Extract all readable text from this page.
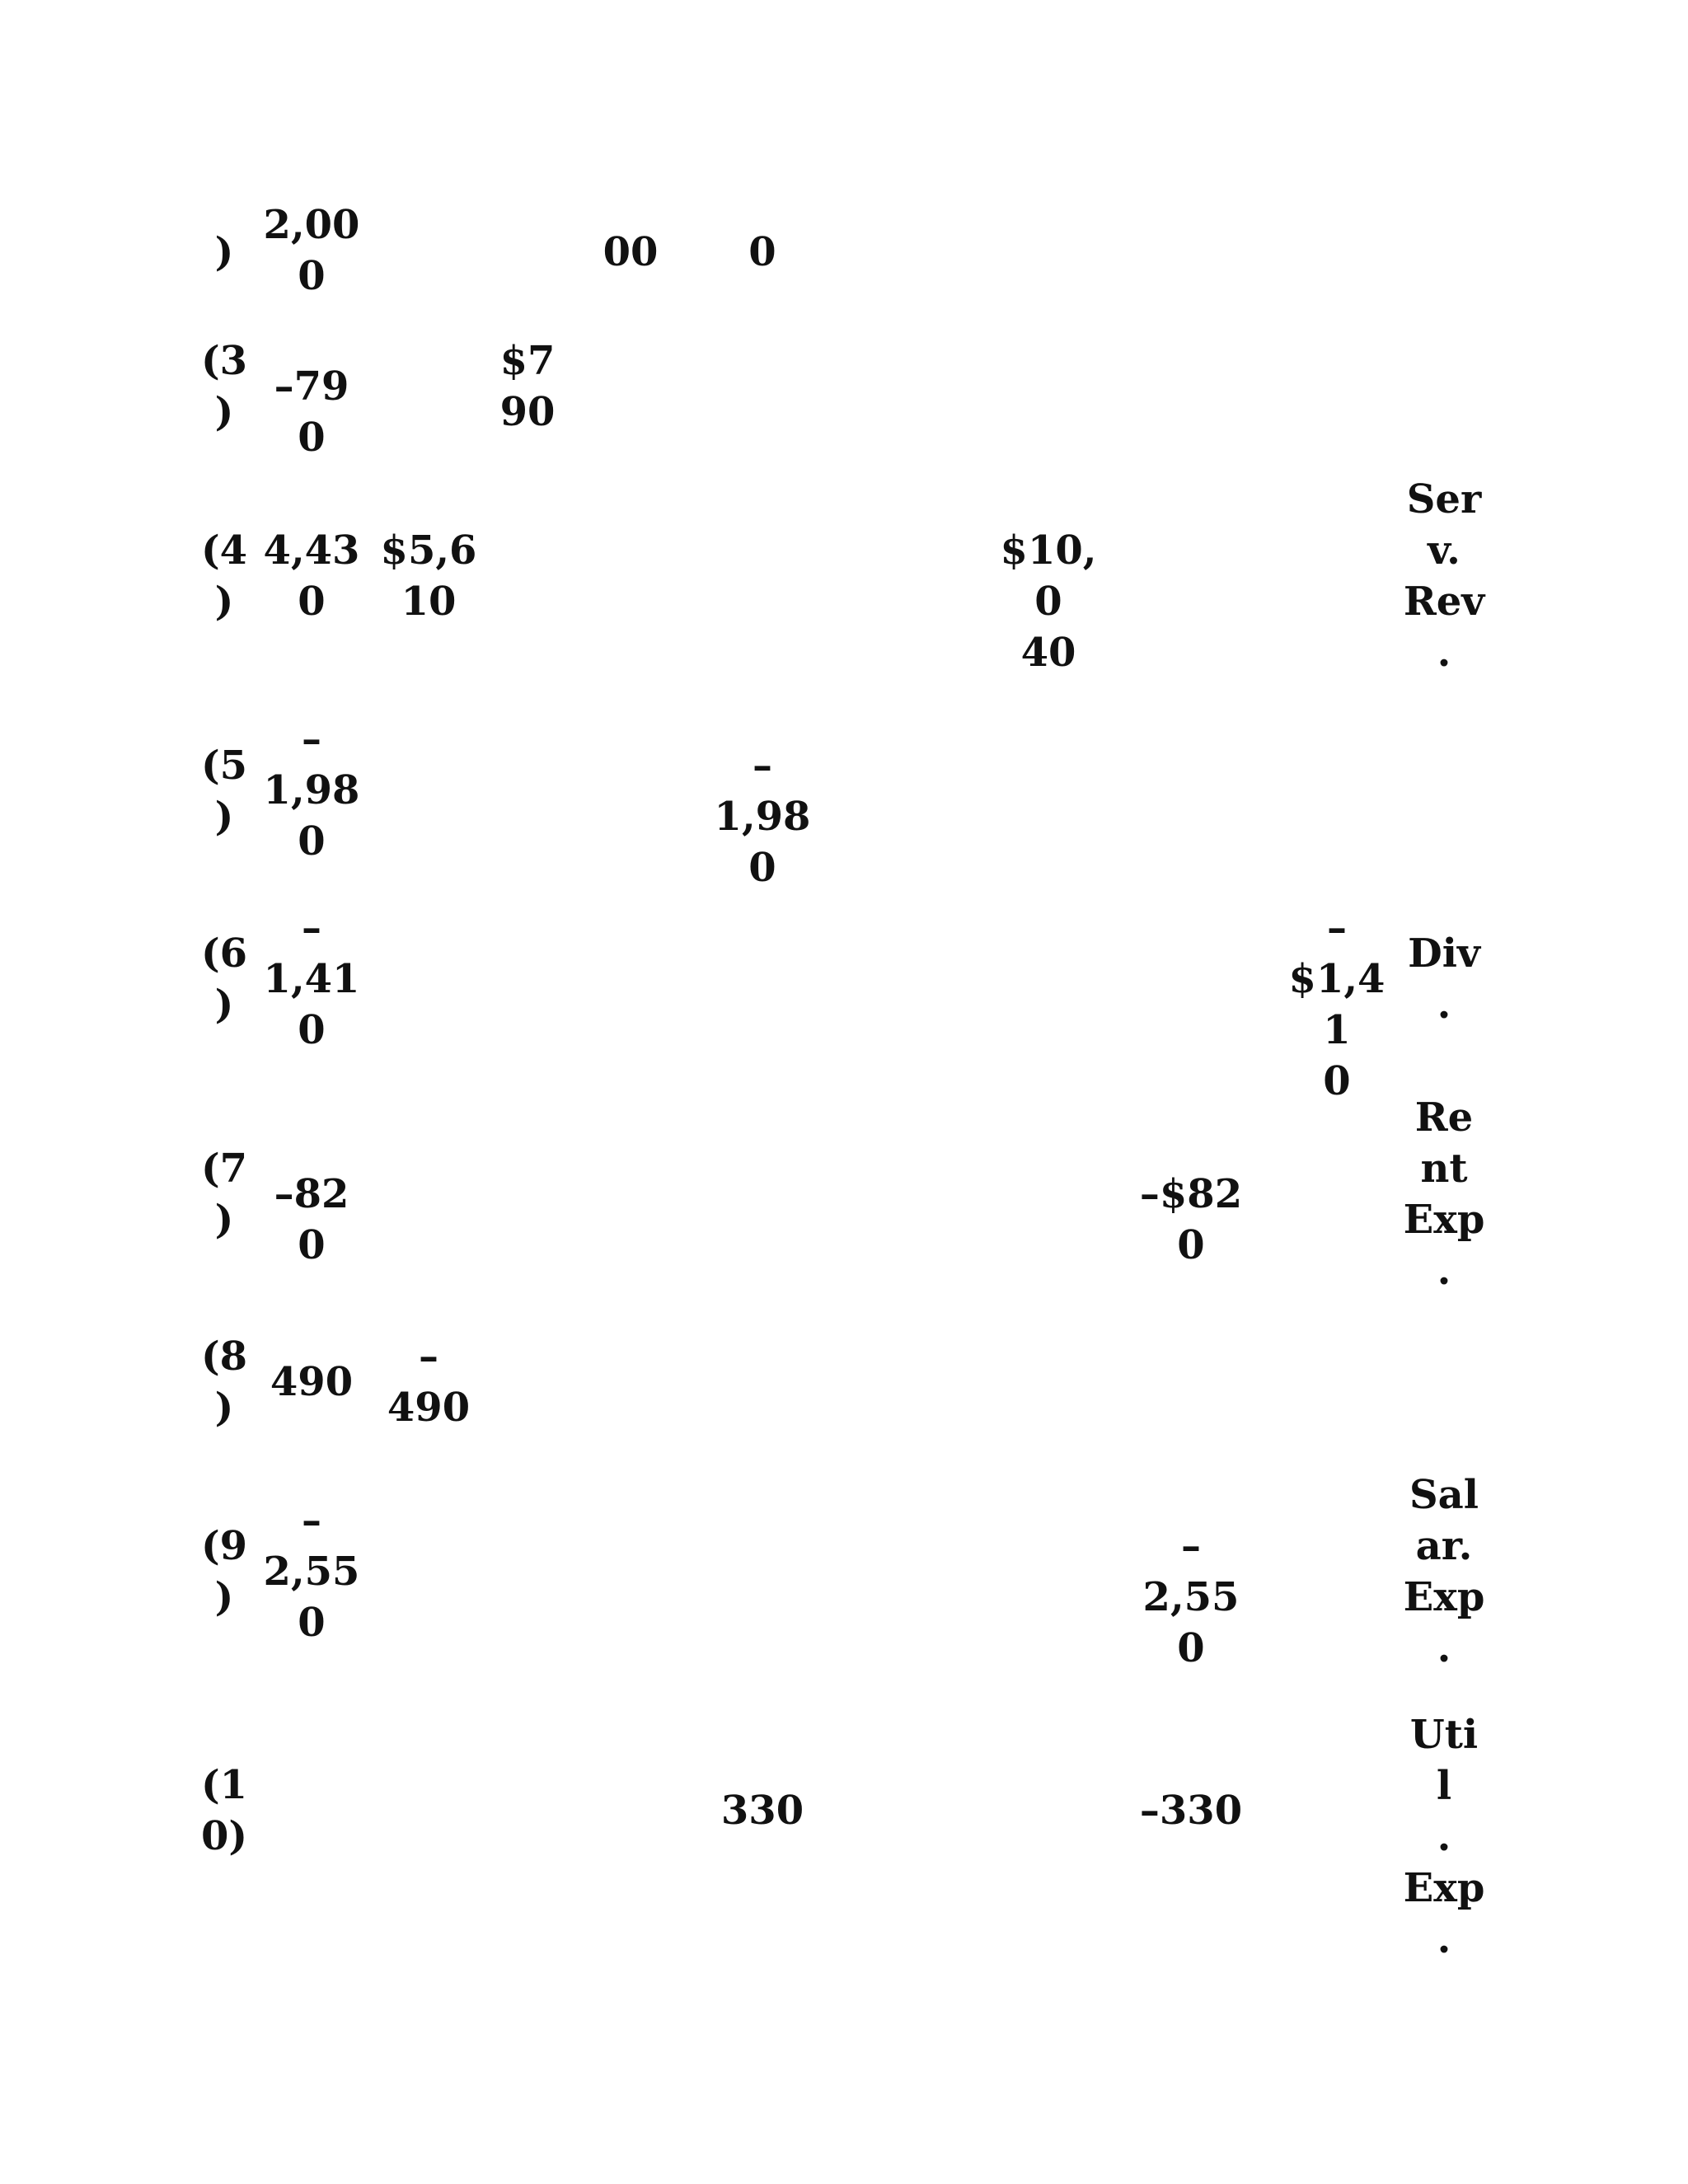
)
2,00
0
00	0
(3
)
–790
$7
90
(4
)
4,43
0
$5,6
10
$10,0
40
Ser
v.
Rev
.
(5
)
–
1,98
0
–
1,980
(6
)
–
1,41
0
–
$1,41
0
Div
.
(7
)
–820
–$820
Re
nt
Exp
.
(8
)
490
–
490
(9
)
–
2,55
0
–
2,550
Sal
ar.
Exp
.
(1
0)
330	–330
Util
.
Exp
.
